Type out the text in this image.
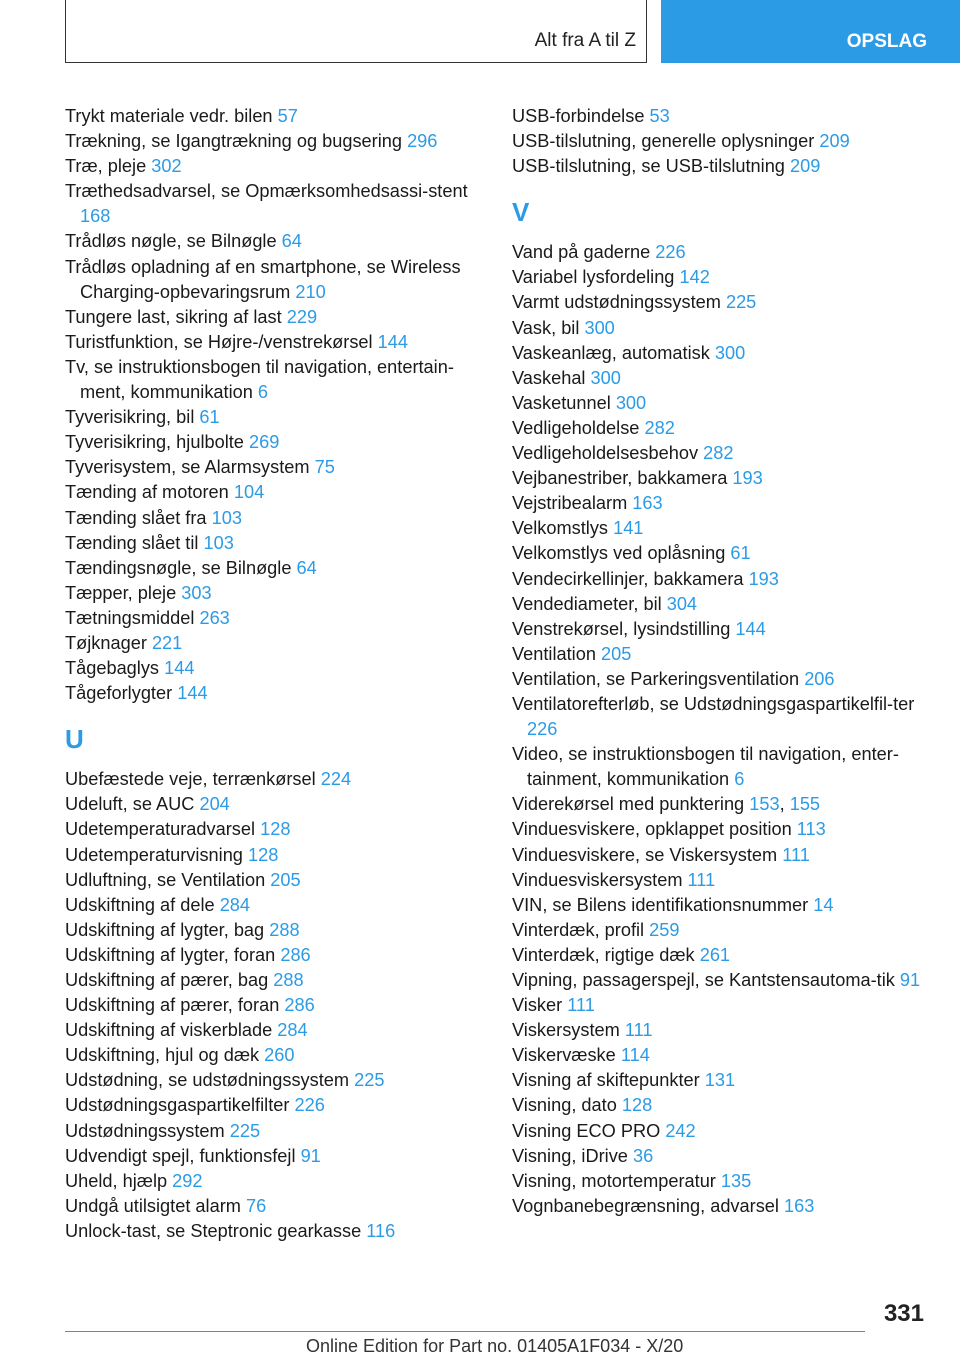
Alt fra A til Z	OPSLAG

Trykt materiale vedr. bilen 57

Trækning, se Igangtrækning og bugsering 296

Træ, pleje 302

Træthedsadvarsel, se Opmærksomhedsassi-stent 168

Trådløs nøgle, se Bilnøgle 64

Trådløs opladning af en smartphone, se Wireless Charging-opbevaringsrum 210

Tungere last, sikring af last 229

Turistfunktion, se Højre-/venstrekørsel 144

Tv, se instruktionsbogen til navigation, entertain-ment, kommunikation 6

Tyverisikring, bil 61

Tyverisikring, hjulbolte 269

Tyverisystem, se Alarmsystem 75

Tænding af motoren 104

Tænding slået fra 103

Tænding slået til 103

Tændingsnøgle, se Bilnøgle 64

Tæpper, pleje 303

Tætningsmiddel 263

Tøjknager 221

Tågebaglys 144

Tågeforlygter 144

U

Ubefæstede veje, terrænkørsel 224

Udeluft, se AUC 204

Udetemperaturadvarsel 128

Udetemperaturvisning 128

Udluftning, se Ventilation 205

Udskiftning af dele 284

Udskiftning af lygter, bag 288

Udskiftning af lygter, foran 286

Udskiftning af pærer, bag 288

Udskiftning af pærer, foran 286

Udskiftning af viskerblade 284

Udskiftning, hjul og dæk 260

Udstødning, se udstødningssystem 225

Udstødningsgaspartikelfilter 226

Udstødningssystem 225

Udvendigt spejl, funktionsfejl 91

Uheld, hjælp 292

Undgå utilsigtet alarm 76

Unlock-tast, se Steptronic gearkasse 116

USB-forbindelse 53

USB-tilslutning, generelle oplysninger 209

USB-tilslutning, se USB-tilslutning 209

V

Vand på gaderne 226

Variabel lysfordeling 142

Varmt udstødningssystem 225

Vask, bil 300

Vaskeanlæg, automatisk 300

Vaskehal 300

Vasketunnel 300

Vedligeholdelse 282

Vedligeholdelsesbehov 282

Vejbanestriber, bakkamera 193

Vejstribealarm 163

Velkomstlys 141

Velkomstlys ved oplåsning 61

Vendecirkellinjer, bakkamera 193

Vendediameter, bil 304

Venstrekørsel, lysindstilling 144

Ventilation 205

Ventilation, se Parkeringsventilation 206

Ventilatorefterløb, se Udstødningsgaspartikelfil-ter 226

Video, se instruktionsbogen til navigation, enter-tainment, kommunikation 6

Viderekørsel med punktering 153, 155

Vinduesviskere, opklappet position 113

Vinduesviskere, se Viskersystem 111

Vinduesviskersystem 111

VIN, se Bilens identifikationsnummer 14

Vinterdæk, profil 259

Vinterdæk, rigtige dæk 261

Vipning, passagerspejl, se Kantstensautoma-tik 91

Visker 111

Viskersystem 111

Viskervæske 114

Visning af skiftepunkter 131

Visning, dato 128

Visning ECO PRO 242

Visning, iDrive 36

Visning, motortemperatur 135

Vognbanebegrænsning, advarsel 163

331
Online Edition for Part no. 01405A1F034 - X/20
